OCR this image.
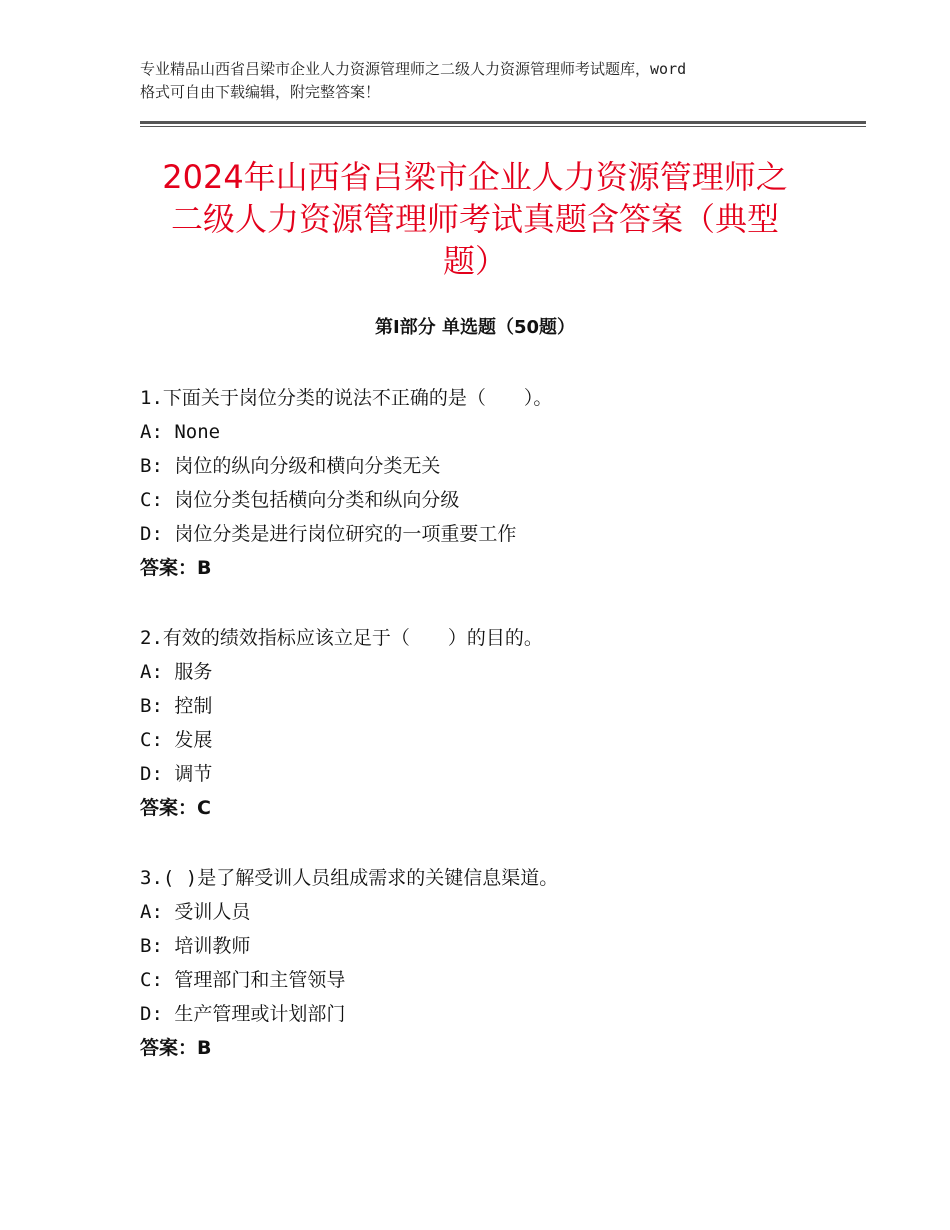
专业精品山西省吕梁市企业人力资源管理师之二级人力资源管理师考试题库，word
格式可自由下载编辑，附完整答案！
2024年山西省吕梁市企业人力资源管理师之
二级人力资源管理师考试真题含答案（典型
题）
第Ⅰ部分 单选题（50题）
1.下面关于岗位分类的说法不正确的是（　　）。
A: None
B: 岗位的纵向分级和横向分类无关
C: 岗位分类包括横向分类和纵向分级
D: 岗位分类是进行岗位研究的一项重要工作
答案：B
2.有效的绩效指标应该立足于（　　）的目的。
A: 服务
B: 控制
C: 发展
D: 调节
答案：C
3.( )是了解受训人员组成需求的关键信息渠道。
A: 受训人员
B: 培训教师
C: 管理部门和主管领导
D: 生产管理或计划部门
答案：B
